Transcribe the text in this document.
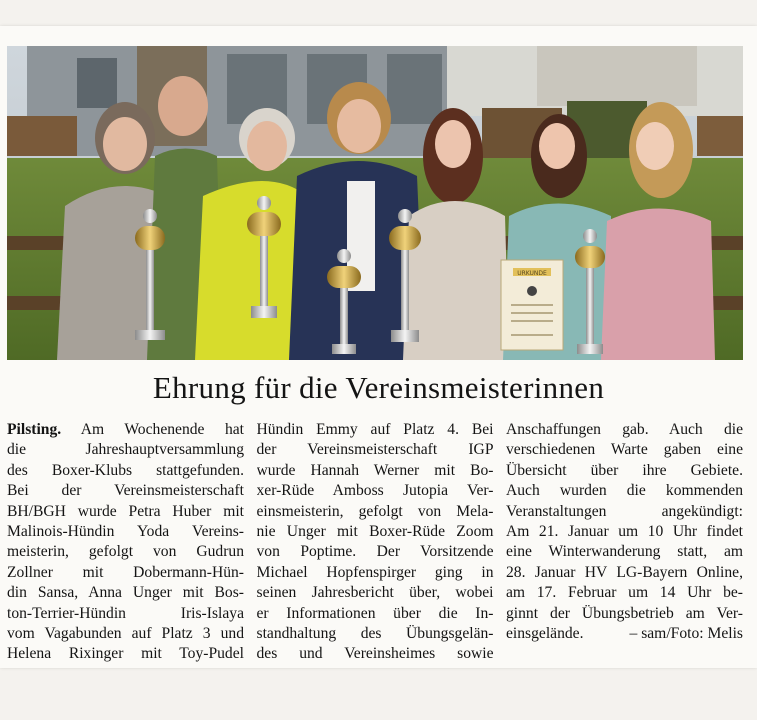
URKUNDE
Ehrung für die Vereinsmeisterinnen
Pilsting. Am Wochenende hat
die Jahreshauptversammlung
des Boxer-Klubs stattgefunden.
Bei der Vereinsmeisterschaft
BH/BGH wurde Petra Huber mit
Malinois-Hündin Yoda Vereins-
meisterin, gefolgt von Gudrun
Zollner mit Dobermann-Hün-
din Sansa, Anna Unger mit Bos-
ton-Terrier-Hündin Iris-Islaya
vom Vagabunden auf Platz 3 und
Helena Rixinger mit Toy-Pudel
Hündin Emmy auf Platz 4. Bei
der Vereinsmeisterschaft IGP
wurde Hannah Werner mit Bo-
xer-Rüde Amboss Jutopia Ver-
einsmeisterin, gefolgt von Mela-
nie Unger mit Boxer-Rüde Zoom
von Poptime. Der Vorsitzende
Michael Hopfenspirger ging in
seinen Jahresbericht über, wobei
er Informationen über die In-
standhaltung des Übungsgelän-
des und Vereinsheimes sowie
Anschaffungen gab. Auch die
verschiedenen Warte gaben eine
Übersicht über ihre Gebiete.
Auch wurden die kommenden
Veranstaltungen angekündigt:
Am 21. Januar um 10 Uhr findet
eine Winterwanderung statt, am
28. Januar HV LG-Bayern Online,
am 17. Februar um 14 Uhr be-
ginnt der Übungsbetrieb am Ver-
einsgelände.	– sam/Foto: Melis
